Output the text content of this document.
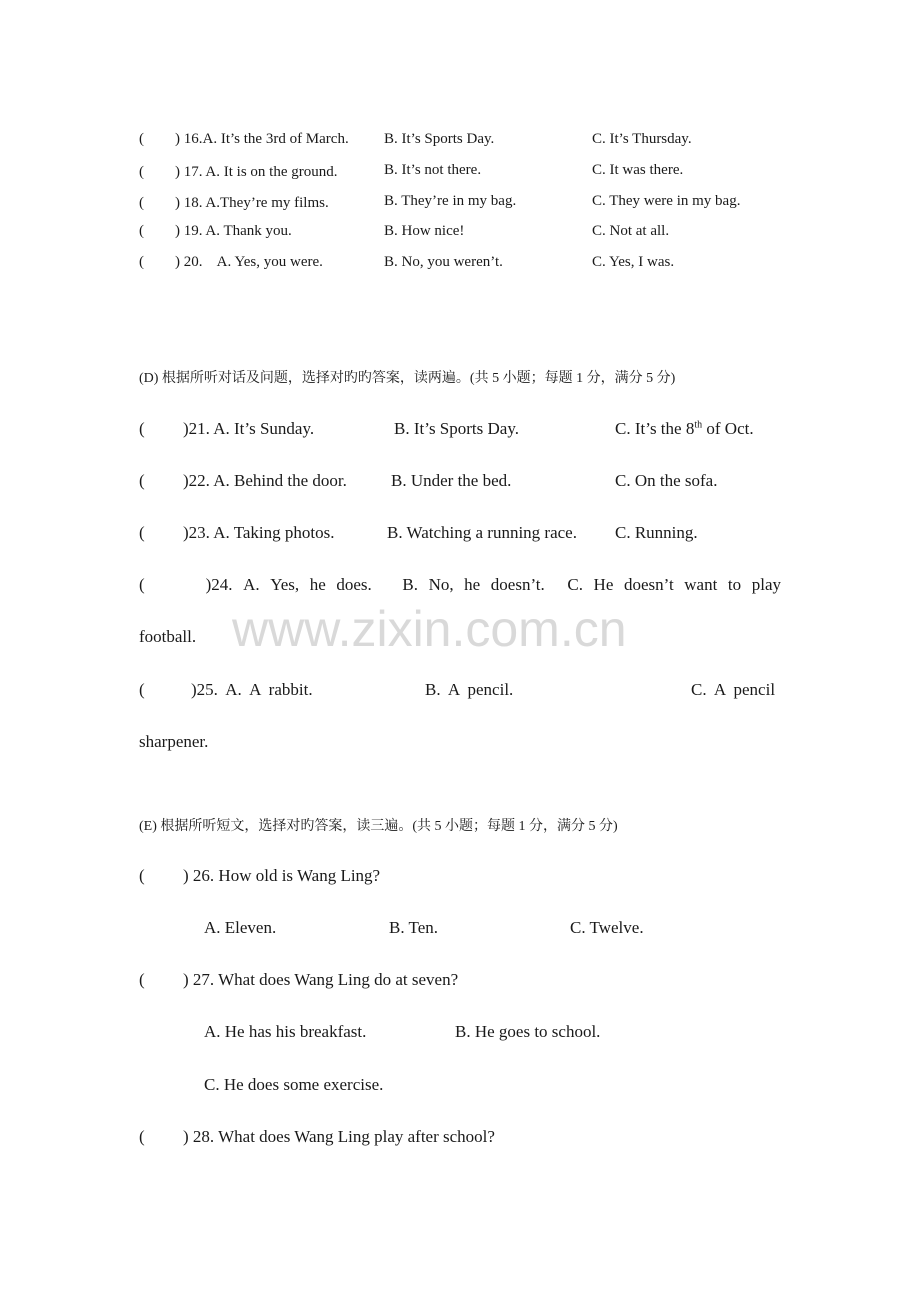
( ) 16.A. It’s the 3rd of March. B. It’s Sports Day.	C. It’s Thursday.
( ) 17. A. It is on the ground.	B. It’s not there.	C. It was there.
( ) 18. A.They’re my films.	B. They’re in my bag.	C. They were in my bag.
( ) 19. A. Thank you.	B. How nice!	C. Not at all.
( ) 20.    A. Yes, you were.	B. No, you weren’t.	C. Yes, I was.
(D) 根据所听对话及问题，选择对旳旳答案，读两遍。(共 5 小题；每题 1 分，满分 5 分)
( )21. A. It’s Sunday.	B. It’s Sports Day.	C. It’s the 8th of Oct.
( )22. A. Behind the door.	B. Under the bed.	C. On the sofa.
( )23. A. Taking photos.	B. Watching a running race. C. Running.
(	)24. A. Yes, he does. B. No, he doesn’t. C. He doesn’t want to play
football.
(	)25. A. A rabbit.	B. A pencil.	C. A pencil
sharpener.
www.zixin.com.cn
(E) 根据所听短文，选择对旳答案，读三遍。(共 5 小题；每题 1 分，满分 5 分)
( ) 26. How old is Wang Ling?
A. Eleven.	B. Ten.	C. Twelve.
( ) 27. What does Wang Ling do at seven?
A. He has his breakfast.	B. He goes to school.
C. He does some exercise.
( ) 28. What does Wang Ling play after school?
